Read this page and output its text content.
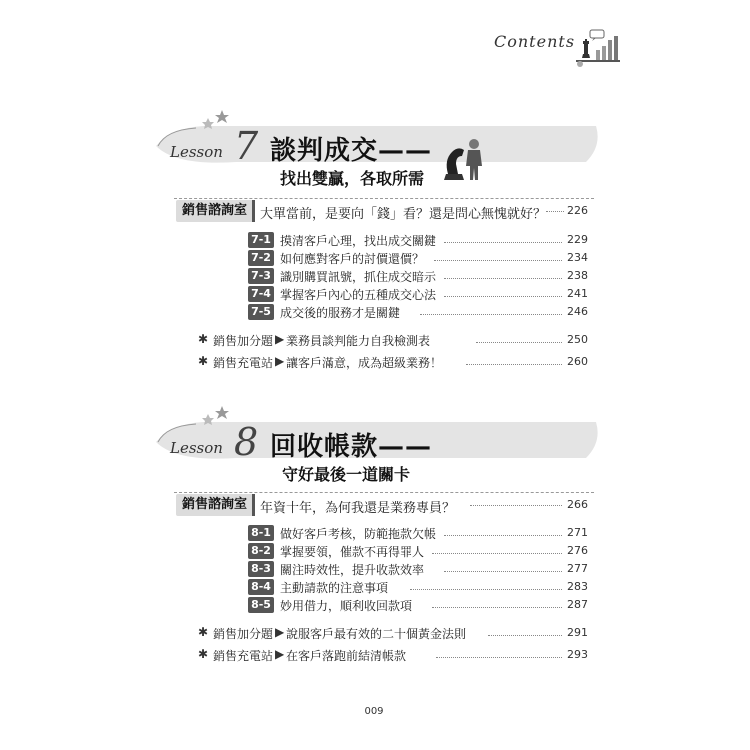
Contents
Lesson 7 談判成交——
找出雙贏，各取所需
銷售諮詢室 大單當前，是要向「錢」看？還是問心無愧就好？	226
7-1 摸清客戶心理，找出成交關鍵	229
7-2 如何應對客戶的討價還價？	234
7-3 識別購買訊號，抓住成交暗示	238
7-4 掌握客戶內心的五種成交心法	241
7-5 成交後的服務才是關鍵	246
✱ 銷售加分題 ▶ 業務員談判能力自我檢測表	250
✱ 銷售充電站 ▶ 讓客戶滿意，成為超級業務！	260
Lesson 8 回收帳款——
守好最後一道關卡
銷售諮詢室 年資十年，為何我還是業務專員？	266
8-1 做好客戶考核，防範拖款欠帳	271
8-2 掌握要領，催款不再得罪人	276
8-3 關注時效性，提升收款效率	277
8-4 主動請款的注意事項	283
8-5 妙用借力，順利收回款項	287
✱ 銷售加分題 ▶ 說服客戶最有效的二十個黃金法則	291
✱ 銷售充電站 ▶ 在客戶落跑前結清帳款	293
009
